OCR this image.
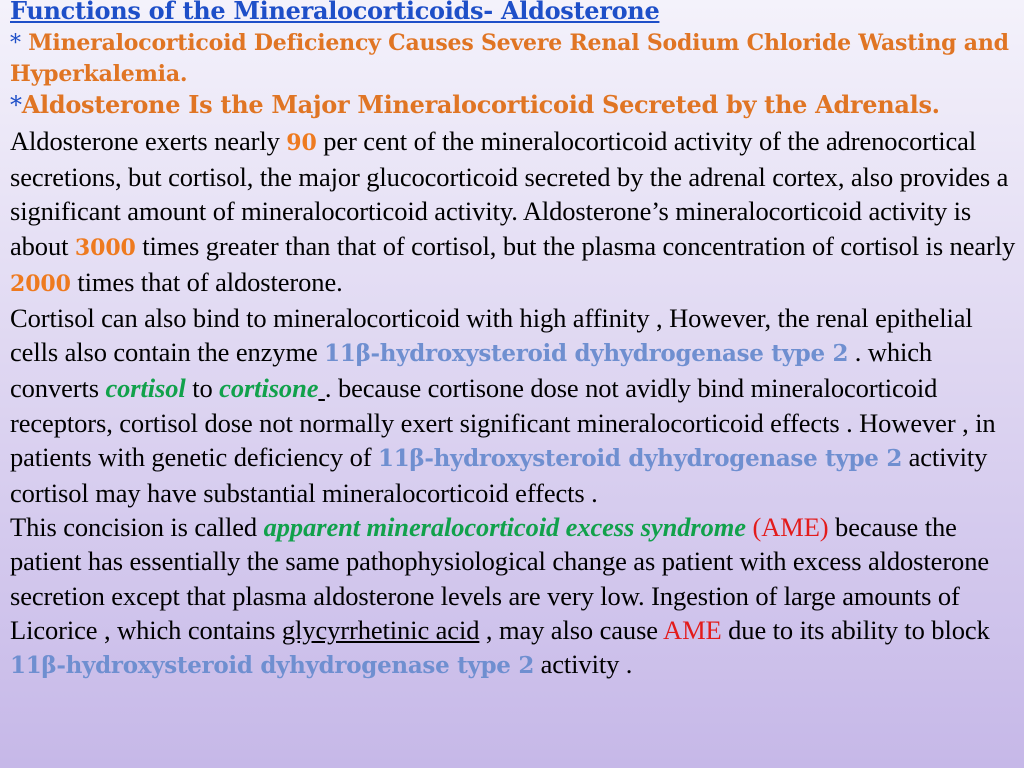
Functions of the Mineralocorticoids- Aldosterone
* Mineralocorticoid Deficiency Causes Severe Renal Sodium Chloride Wasting and Hyperkalemia.
*Aldosterone Is the Major Mineralocorticoid Secreted by the Adrenals.
Aldosterone exerts nearly 90 per cent of the mineralocorticoid activity of the adrenocortical secretions, but cortisol, the major glucocorticoid secreted by the adrenal cortex, also provides a significant amount of mineralocorticoid activity. Aldosterone’s mineralocorticoid activity is about 3000 times greater than that of cortisol, but the plasma concentration of cortisol is nearly 2000 times that of aldosterone.
Cortisol can also bind to mineralocorticoid with high affinity , However, the renal epithelial cells also contain the enzyme 11β-hydroxysteroid dyhydrogenase type 2 . which converts cortisol to cortisone . because cortisone dose not avidly bind mineralocorticoid receptors, cortisol dose not normally exert significant mineralocorticoid effects . However , in patients with genetic deficiency of 11β-hydroxysteroid dyhydrogenase type 2 activity cortisol may have substantial mineralocorticoid effects .
This concision is called apparent mineralocorticoid excess syndrome (AME) because the patient has essentially the same pathophysiological change as patient with excess aldosterone secretion except that plasma aldosterone levels are very low. Ingestion of large amounts of Licorice , which contains glycyrrhetinic acid , may also cause AME due to its ability to block 11β-hydroxysteroid dyhydrogenase type 2 activity .
